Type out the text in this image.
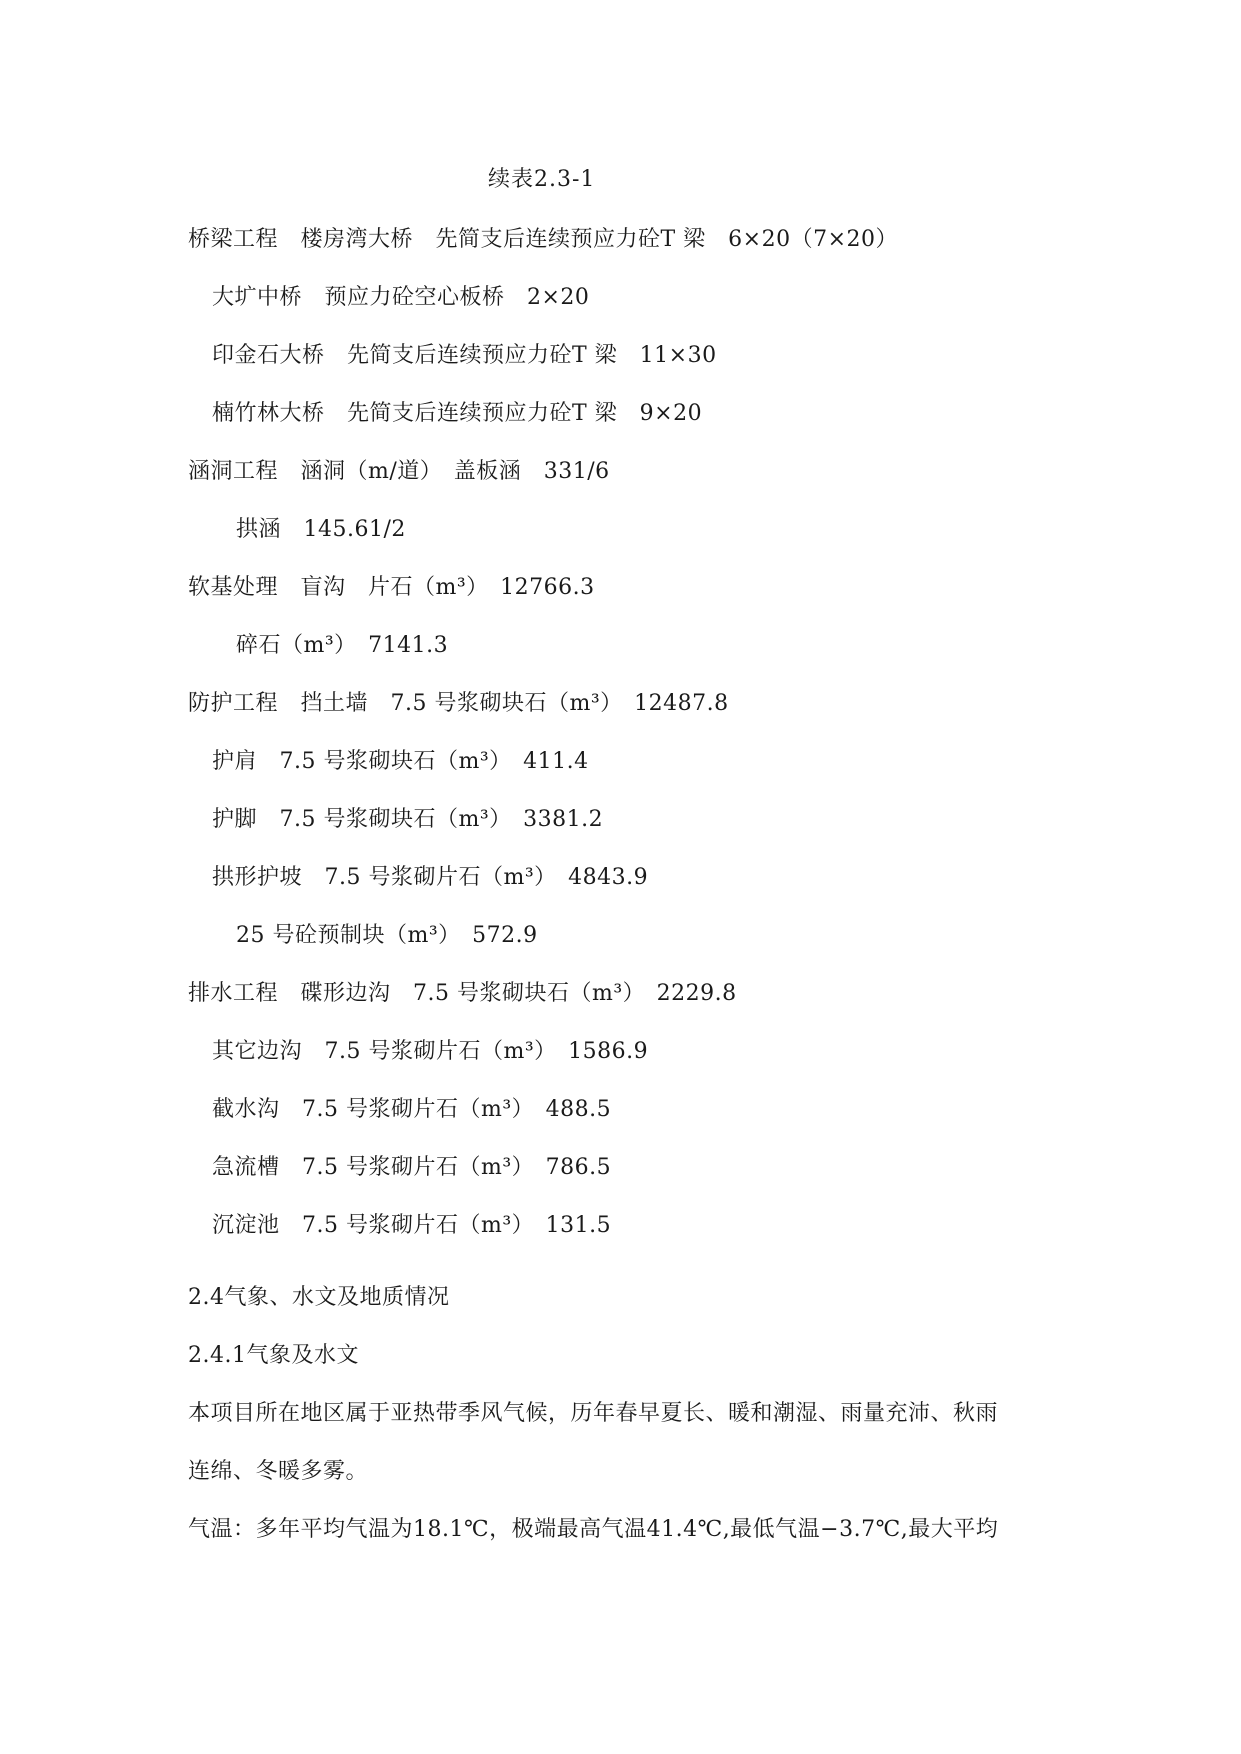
续表2.3-1
桥梁工程　楼房湾大桥　先简支后连续预应力砼T 梁　6×20（7×20）
大圹中桥　预应力砼空心板桥　2×20
印金石大桥　先简支后连续预应力砼T 梁　11×30
楠竹林大桥　先简支后连续预应力砼T 梁　9×20
涵洞工程　涵洞（m/道）　盖板涵　331/6
拱涵　145.61/2
软基处理　盲沟　片石（m³）　12766.3
碎石（m³）　7141.3
防护工程　挡土墙　7.5 号浆砌块石（m³）　12487.8
护肩　7.5 号浆砌块石（m³）　411.4
护脚　7.5 号浆砌块石（m³）　3381.2
拱形护坡　7.5 号浆砌片石（m³）　4843.9
25 号砼预制块（m³）　572.9
排水工程　碟形边沟　7.5 号浆砌块石（m³）　2229.8
其它边沟　7.5 号浆砌片石（m³）　1586.9
截水沟　7.5 号浆砌片石（m³）　488.5
急流槽　7.5 号浆砌片石（m³）　786.5
沉淀池　7.5 号浆砌片石（m³）　131.5
2.4气象、水文及地质情况
2.4.1气象及水文
本项目所在地区属于亚热带季风气候，历年春早夏长、暖和潮湿、雨量充沛、秋雨
连绵、冬暖多雾。
气温：多年平均气温为18.1℃，极端最高气温41.4℃,最低气温−3.7℃,最大平均
